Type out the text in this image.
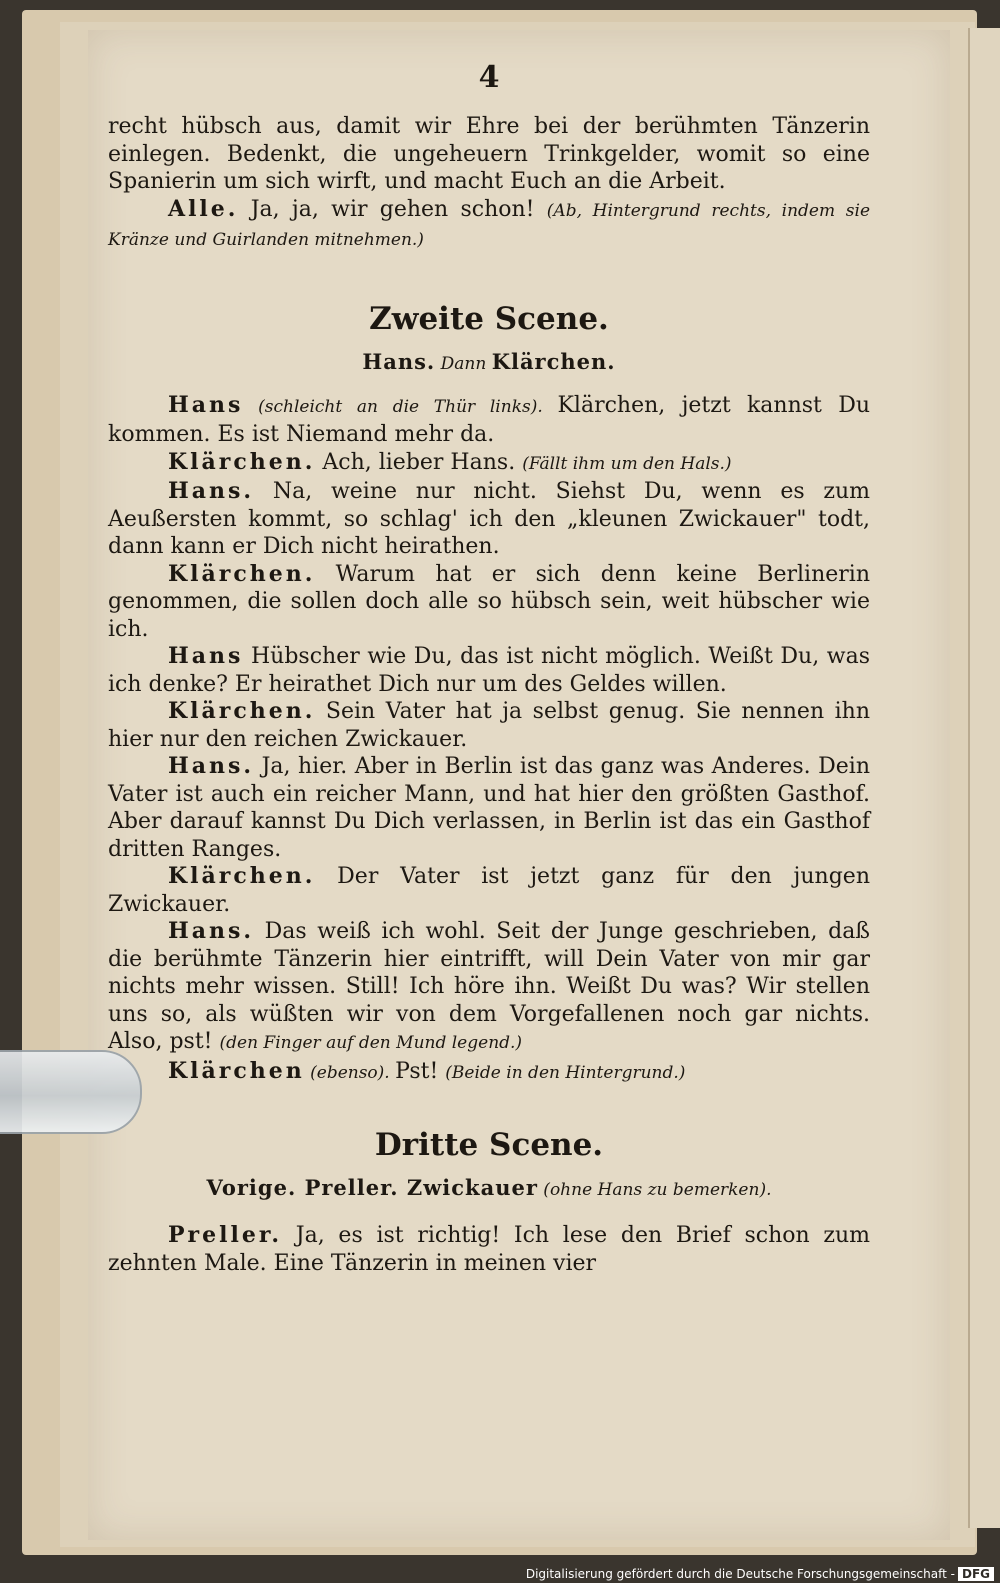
4

recht hübsch aus, damit wir Ehre bei der berühmten Tänzerin einlegen. Bedenkt, die ungeheuern Trinkgelder, womit so eine Spanierin um sich wirft, und macht Euch an die Arbeit.

Alle. Ja, ja, wir gehen schon! (Ab, Hintergrund rechts, indem sie Kränze und Guirlanden mitnehmen.)

Zweite Scene.

Hans. Dann Klärchen.

Hans (schleicht an die Thür links). Klärchen, jetzt kannst Du kommen. Es ist Niemand mehr da.

Klärchen. Ach, lieber Hans. (Fällt ihm um den Hals.)

Hans. Na, weine nur nicht. Siehst Du, wenn es zum Aeußersten kommt, so schlag' ich den „kleunen Zwickauer" todt, dann kann er Dich nicht heirathen.

Klärchen. Warum hat er sich denn keine Berlinerin genommen, die sollen doch alle so hübsch sein, weit hübscher wie ich.

Hans Hübscher wie Du, das ist nicht möglich. Weißt Du, was ich denke? Er heirathet Dich nur um des Geldes willen.

Klärchen. Sein Vater hat ja selbst genug. Sie nennen ihn hier nur den reichen Zwickauer.

Hans. Ja, hier. Aber in Berlin ist das ganz was Anderes. Dein Vater ist auch ein reicher Mann, und hat hier den größten Gasthof. Aber darauf kannst Du Dich verlassen, in Berlin ist das ein Gasthof dritten Ranges.

Klärchen. Der Vater ist jetzt ganz für den jungen Zwickauer.

Hans. Das weiß ich wohl. Seit der Junge geschrieben, daß die berühmte Tänzerin hier eintrifft, will Dein Vater von mir gar nichts mehr wissen. Still! Ich höre ihn. Weißt Du was? Wir stellen uns so, als wüßten wir von dem Vorgefallenen noch gar nichts. Also, pst! (den Finger auf den Mund legend.)

Klärchen (ebenso). Pst! (Beide in den Hintergrund.)

Dritte Scene.

Vorige. Preller. Zwickauer (ohne Hans zu bemerken).

Preller. Ja, es ist richtig! Ich lese den Brief schon zum zehnten Male. Eine Tänzerin in meinen vier

Digitalisierung gefördert durch die Deutsche Forschungsgemeinschaft - DFG
